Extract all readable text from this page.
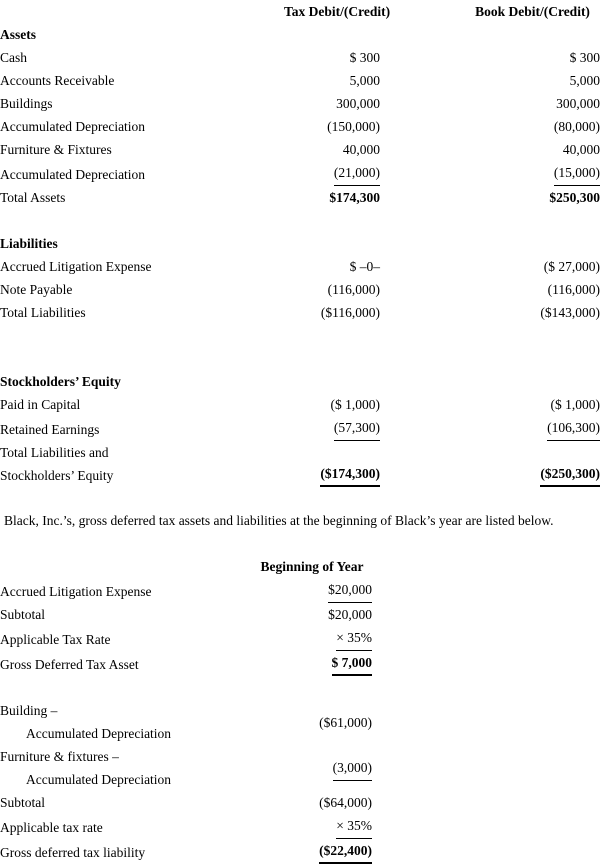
	Tax Debit/(Credit)		Book Debit/(Credit)
Assets			
Cash	$ 300		$ 300
Accounts Receivable	5,000		5,000
Buildings	300,000		300,000
Accumulated Depreciation	(150,000)		(80,000)
Furniture & Fixtures	40,000		40,000
Accumulated Depreciation	(21,000)		(15,000)
Total Assets	$174,300		$250,300

Liabilities			
Accrued Litigation Expense	$ –0–		($ 27,000)
Note Payable	(116,000)		(116,000)
Total Liabilities	($116,000)		($143,000)

Stockholders’ Equity			
Paid in Capital	($ 1,000)		($ 1,000)
Retained Earnings	(57,300)		(106,300)

Total Liabilities and
Stockholders’ Equity	($174,300)		($250,300)

Black, Inc.’s, gross deferred tax assets and liabilities at the beginning of Black’s year are listed below.

	Beginning of Year	
Accrued Litigation Expense	$20,000	
Subtotal	$20,000	
Applicable Tax Rate	× 35%	
Gross Deferred Tax Asset	$ 7,000	

Building –
Accumulated Depreciation	($61,000)	

Furniture & fixtures –
Accumulated Depreciation	(3,000)	
Subtotal	($64,000)	
Applicable tax rate	× 35%	
Gross deferred tax liability	($22,400)	
